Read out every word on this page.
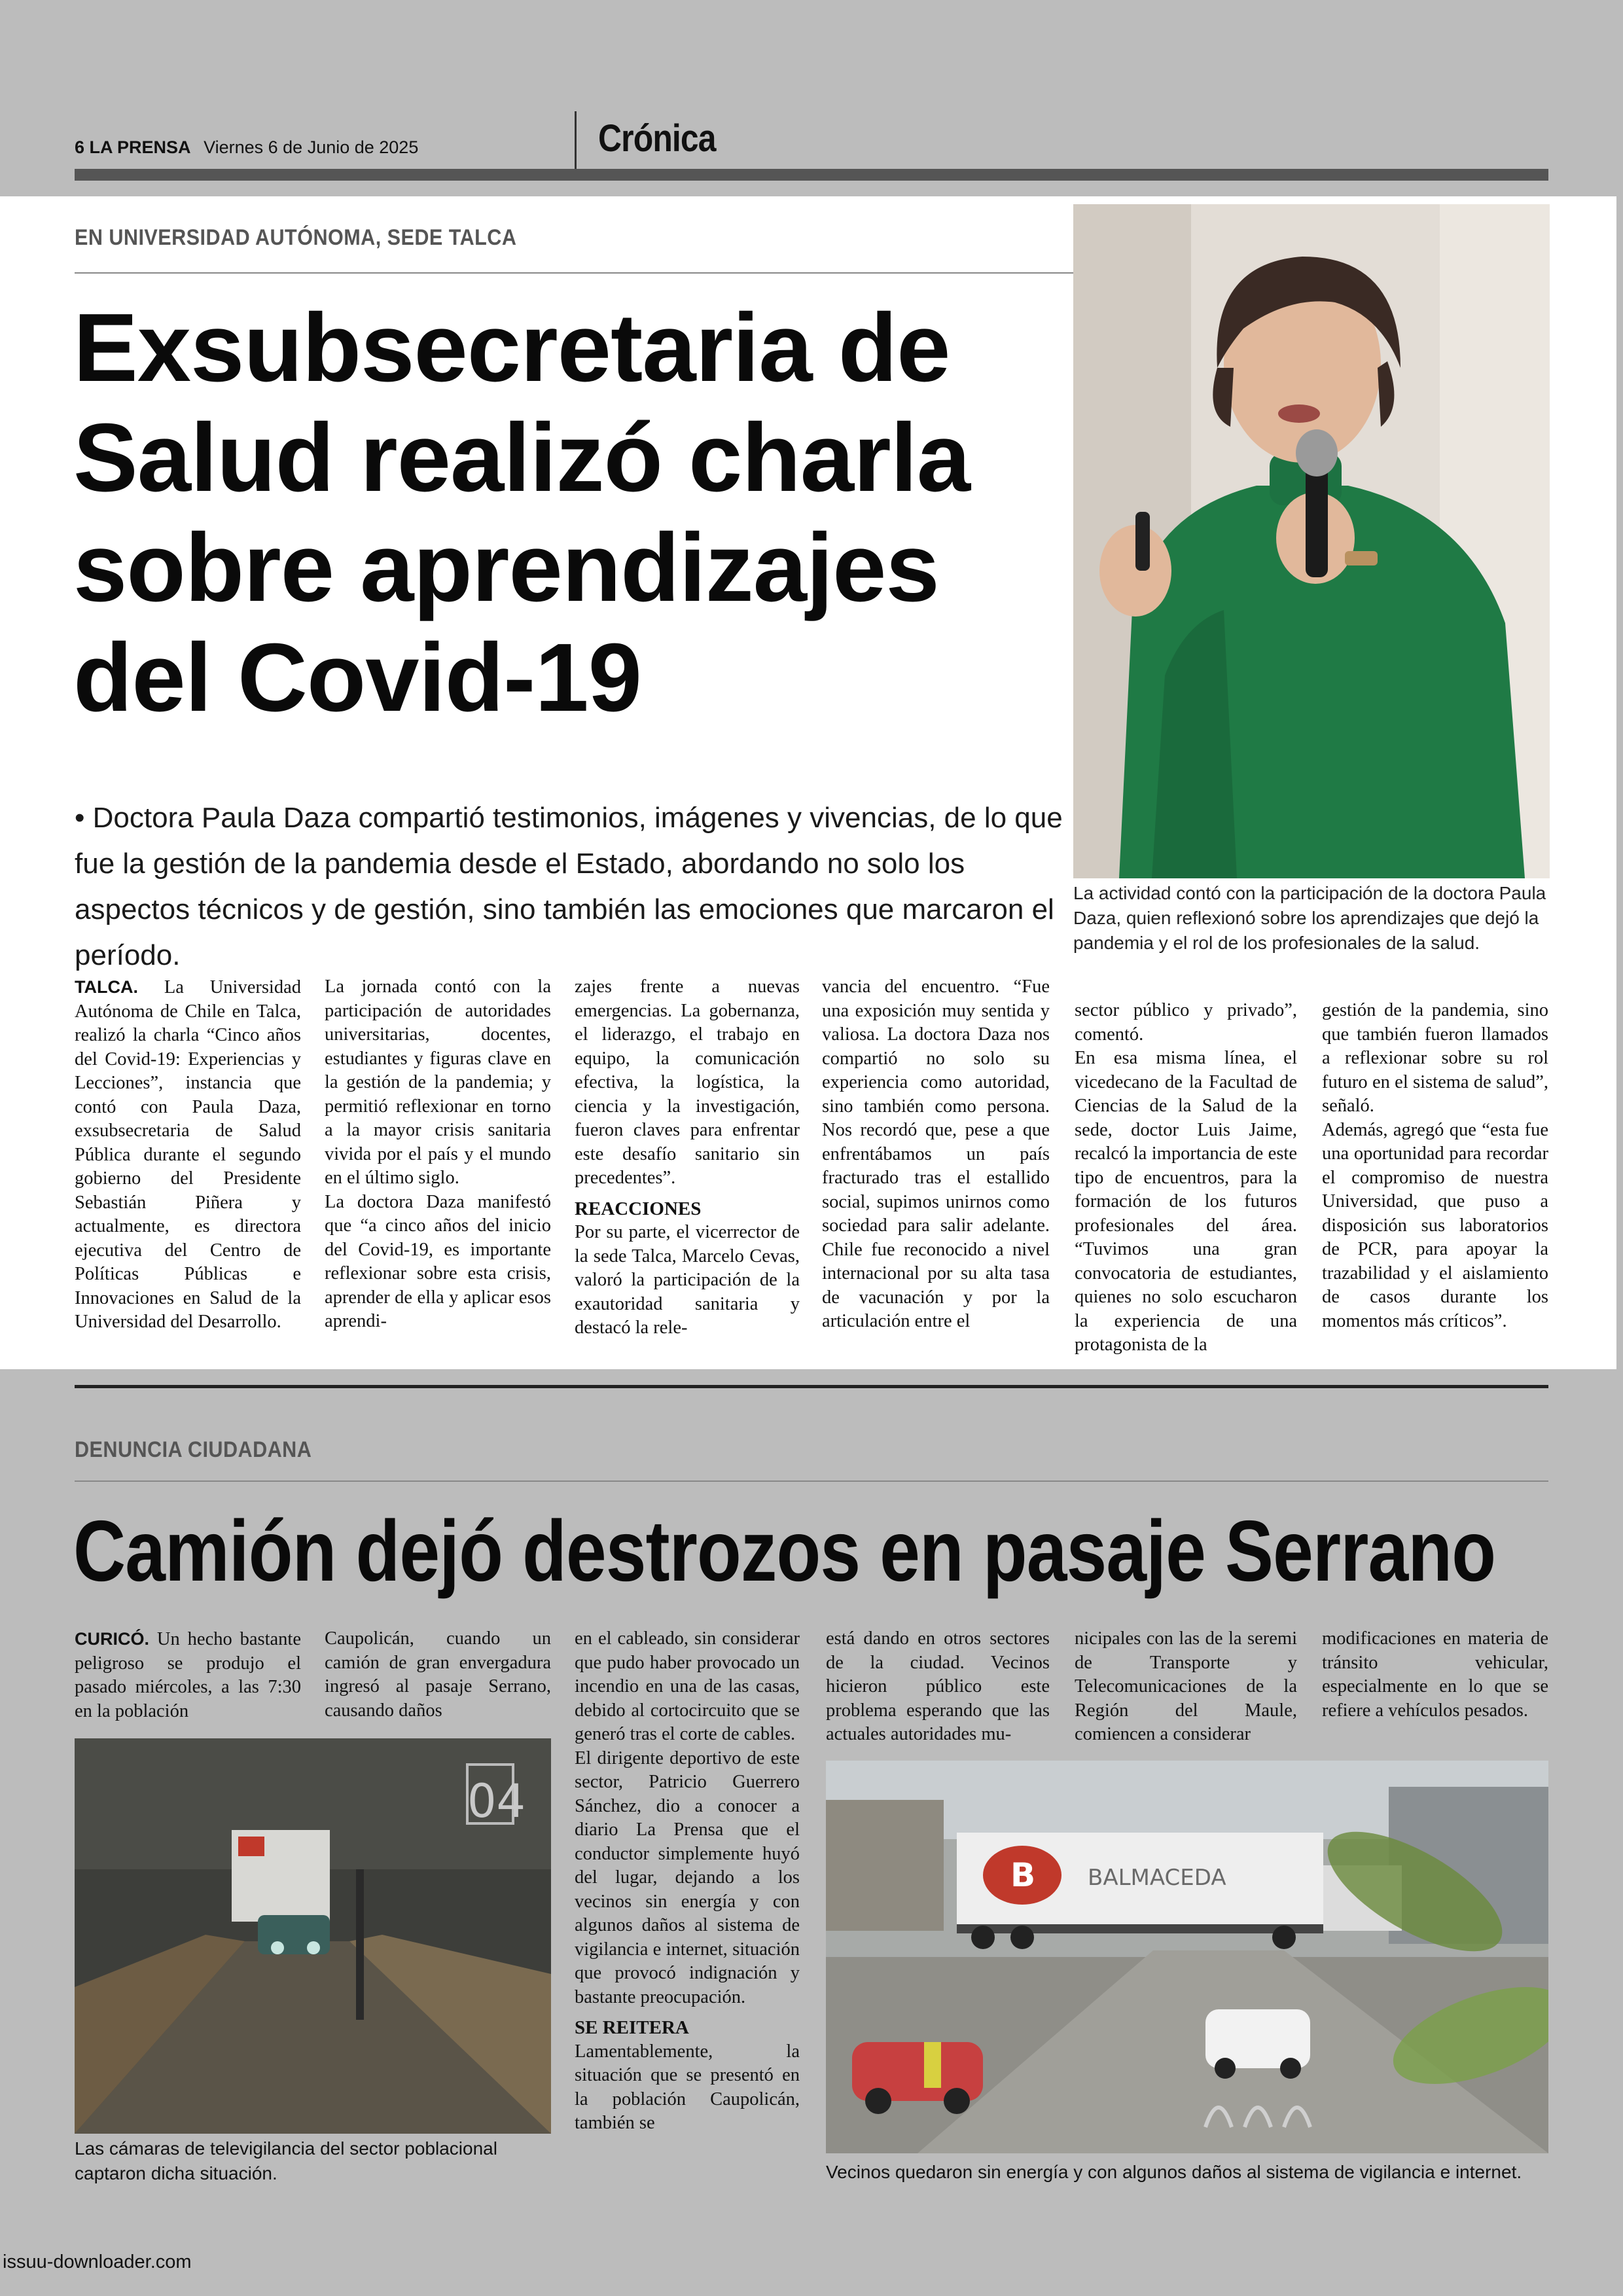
6 LA PRENSA Viernes 6 de Junio de 2025	Crónica
EN UNIVERSIDAD AUTÓNOMA, SEDE TALCA
Exsubsecretaria de Salud realizó charla sobre aprendizajes del Covid-19
• Doctora Paula Daza compartió testimonios, imágenes y vivencias, de lo que fue la gestión de la pandemia desde el Estado, abordando no solo los aspectos técnicos y de gestión, sino también las emociones que marcaron el período.
La actividad contó con la participación de la doctora Paula Daza, quien reflexionó sobre los aprendizajes que dejó la pandemia y el rol de los profesionales de la salud.

TALCA. La Universidad Autónoma de Chile en Talca, realizó la charla “Cinco años del Covid-19: Experiencias y Lecciones”, instancia que contó con Paula Daza, exsubsecretaria de Salud Pública durante el segundo gobierno del Presidente Sebastián Piñera y actualmente, es directora ejecutiva del Centro de Políticas Públicas e Innovaciones en Salud de la Universidad del Desarrollo.

La jornada contó con la participación de autoridades universitarias, docentes, estudiantes y figuras clave en la gestión de la pandemia; y permitió reflexionar en torno a la mayor crisis sanitaria vivida por el país y el mundo en el último siglo.

La doctora Daza manifestó que “a cinco años del inicio del Covid-19, es importante reflexionar sobre esta crisis, aprender de ella y aplicar esos aprendi-

zajes frente a nuevas emergencias. La gobernanza, el liderazgo, el trabajo en equipo, la comunicación efectiva, la logística, la ciencia y la investigación, fueron claves para enfrentar este desafío sanitario sin precedentes”.

REACCIONES

Por su parte, el vicerrector de la sede Talca, Marcelo Cevas, valoró la participación de la exautoridad sanitaria y destacó la rele-

vancia del encuentro. “Fue una exposición muy sentida y valiosa. La doctora Daza nos compartió no solo su experiencia como autoridad, sino también como persona. Nos recordó que, pese a que enfrentábamos un país fracturado tras el estallido social, supimos unirnos como sociedad para salir adelante. Chile fue reconocido a nivel internacional por su alta tasa de vacunación y por la articulación entre el

sector público y privado”, comentó.

En esa misma línea, el vicedecano de la Facultad de Ciencias de la Salud de la sede, doctor Luis Jaime, recalcó la importancia de este tipo de encuentros, para la formación de los futuros profesionales del área. “Tuvimos una gran convocatoria de estudiantes, quienes no solo escucharon la experiencia de una protagonista de la

gestión de la pandemia, sino que también fueron llamados a reflexionar sobre su rol futuro en el sistema de salud”, señaló.

Además, agregó que “esta fue una oportunidad para recordar el compromiso de nuestra Universidad, que puso a disposición sus laboratorios de PCR, para apoyar la trazabilidad y el aislamiento de casos durante los momentos más críticos”.

DENUNCIA CIUDADANA
Camión dejó destrozos en pasaje Serrano

CURICÓ. Un hecho bastante peligroso se produjo el pasado miércoles, a las 7:30 en la población

Caupolicán, cuando un camión de gran envergadura ingresó al pasaje Serrano, causando daños

en el cableado, sin considerar que pudo haber provocado un incendio en una de las casas, debido al cortocircuito que se generó tras el corte de cables.

El dirigente deportivo de este sector, Patricio Guerrero Sánchez, dio a conocer a diario La Prensa que el conductor simplemente huyó del lugar, dejando a los vecinos sin energía y con algunos daños al sistema de vigilancia e internet, situación que provocó indignación y bastante preocupación.

SE REITERA

Lamentablemente, la situación que se presentó en la población Caupolicán, también se

está dando en otros sectores de la ciudad. Vecinos hicieron público este problema esperando que las actuales autoridades mu-

nicipales con las de la seremi de Transporte y Telecomunicaciones de la Región del Maule, comiencen a considerar

modificaciones en materia de tránsito vehicular, especialmente en lo que se refiere a vehículos pesados.

04
Las cámaras de televigilancia del sector poblacional captaron dicha situación.
B BALMACEDA
Vecinos quedaron sin energía y con algunos daños al sistema de vigilancia e internet.
issuu-downloader.com
